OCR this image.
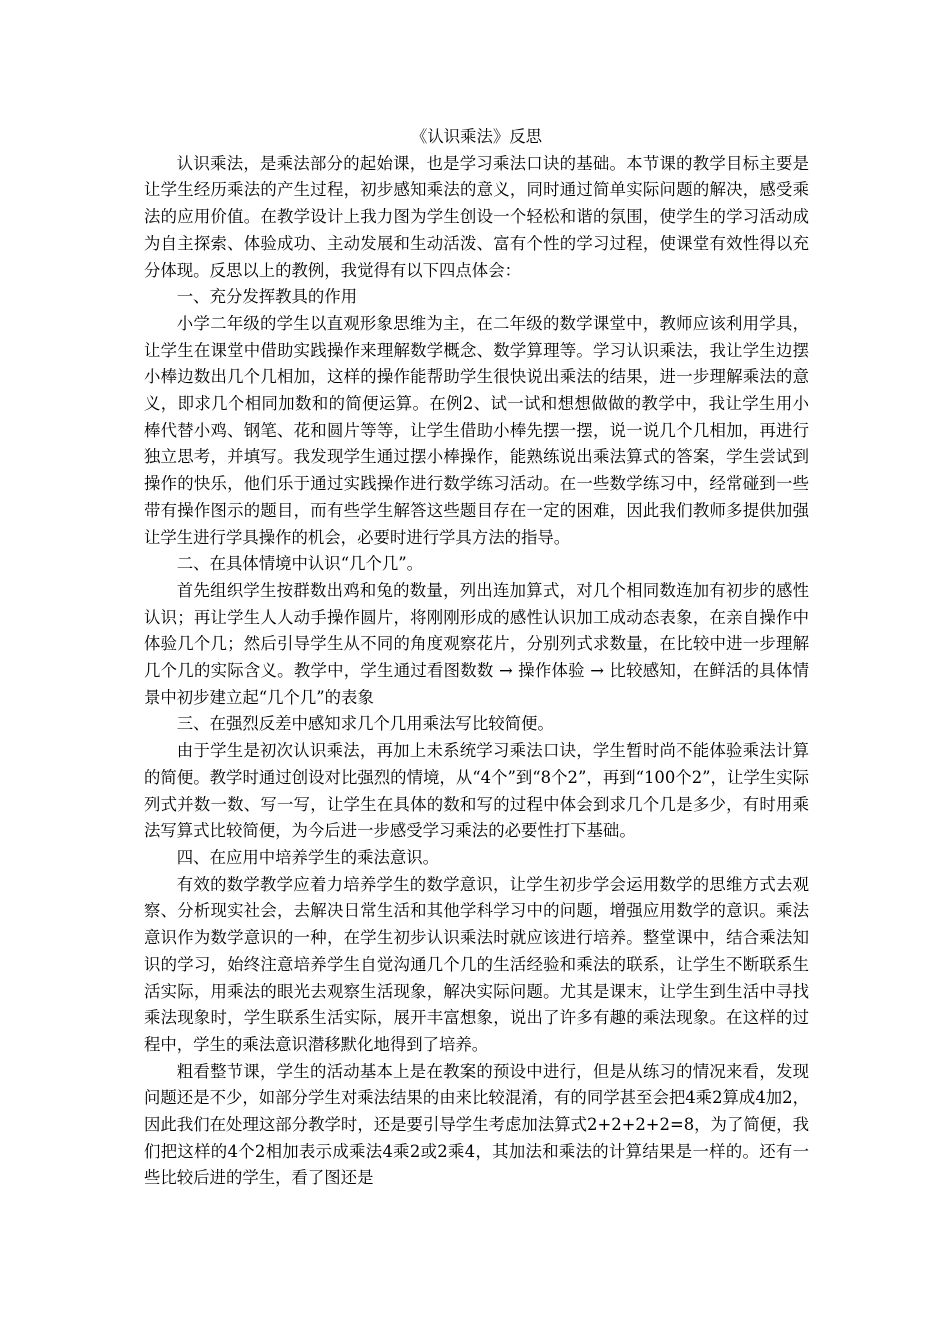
《认识乘法》反思

认识乘法，是乘法部分的起始课，也是学习乘法口诀的基础。本节课的教学目标主要是让学生经历乘法的产生过程，初步感知乘法的意义，同时通过简单实际问题的解决，感受乘法的应用价值。在教学设计上我力图为学生创设一个轻松和谐的氛围，使学生的学习活动成为自主探索、体验成功、主动发展和生动活泼、富有个性的学习过程，使课堂有效性得以充分体现。反思以上的教例，我觉得有以下四点体会：

一、充分发挥教具的作用

小学二年级的学生以直观形象思维为主，在二年级的数学课堂中，教师应该利用学具，让学生在课堂中借助实践操作来理解数学概念、数学算理等。学习认识乘法，我让学生边摆小棒边数出几个几相加，这样的操作能帮助学生很快说出乘法的结果，进一步理解乘法的意义，即求几个相同加数和的简便运算。在例2、试一试和想想做做的教学中，我让学生用小棒代替小鸡、钢笔、花和圆片等等，让学生借助小棒先摆一摆，说一说几个几相加，再进行独立思考，并填写。我发现学生通过摆小棒操作，能熟练说出乘法算式的答案，学生尝试到操作的快乐，他们乐于通过实践操作进行数学练习活动。在一些数学练习中，经常碰到一些带有操作图示的题目，而有些学生解答这些题目存在一定的困难，因此我们教师多提供加强让学生进行学具操作的机会，必要时进行学具方法的指导。

二、在具体情境中认识“几个几”。

首先组织学生按群数出鸡和兔的数量，列出连加算式，对几个相同数连加有初步的感性认识；再让学生人人动手操作圆片，将刚刚形成的感性认识加工成动态表象，在亲自操作中体验几个几；然后引导学生从不同的角度观察花片，分别列式求数量，在比较中进一步理解几个几的实际含义。教学中，学生通过看图数数 → 操作体验 → 比较感知，在鲜活的具体情景中初步建立起“几个几”的表象

三、在强烈反差中感知求几个几用乘法写比较简便。

由于学生是初次认识乘法，再加上未系统学习乘法口诀，学生暂时尚不能体验乘法计算的简便。教学时通过创设对比强烈的情境，从“4个”到“8个2”，再到“100个2”，让学生实际列式并数一数、写一写，让学生在具体的数和写的过程中体会到求几个几是多少，有时用乘法写算式比较简便，为今后进一步感受学习乘法的必要性打下基础。

四、在应用中培养学生的乘法意识。

有效的数学教学应着力培养学生的数学意识，让学生初步学会运用数学的思维方式去观察、分析现实社会，去解决日常生活和其他学科学习中的问题，增强应用数学的意识。乘法意识作为数学意识的一种，在学生初步认识乘法时就应该进行培养。整堂课中，结合乘法知识的学习，始终注意培养学生自觉沟通几个几的生活经验和乘法的联系，让学生不断联系生活实际，用乘法的眼光去观察生活现象，解决实际问题。尤其是课末，让学生到生活中寻找乘法现象时，学生联系生活实际，展开丰富想象，说出了许多有趣的乘法现象。在这样的过程中，学生的乘法意识潜移默化地得到了培养。

粗看整节课，学生的活动基本上是在教案的预设中进行，但是从练习的情况来看，发现问题还是不少，如部分学生对乘法结果的由来比较混淆，有的同学甚至会把4乘2算成4加2，因此我们在处理这部分教学时，还是要引导学生考虑加法算式2+2+2+2=8，为了简便，我们把这样的4个2相加表示成乘法4乘2或2乘4，其加法和乘法的计算结果是一样的。还有一些比较后进的学生，看了图还是
